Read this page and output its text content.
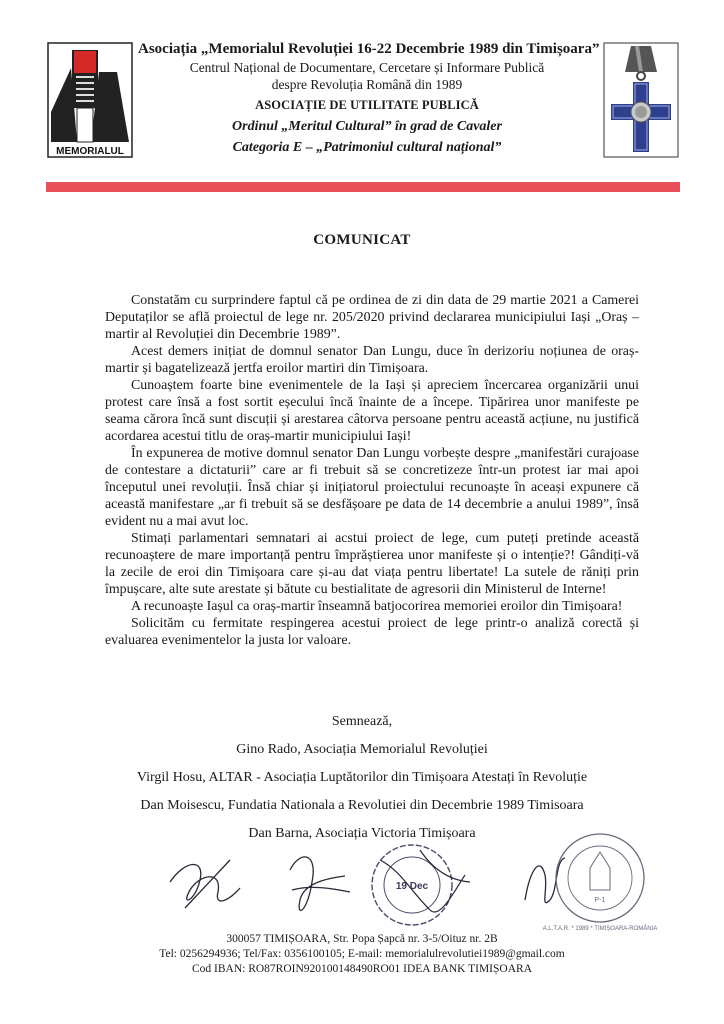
MEMORIALUL
Asociația „Memorialul Revoluției 16-22 Decembrie 1989 din Timișoara”
Centrul Național de Documentare, Cercetare și Informare Publică
despre Revoluția Română din 1989
ASOCIAȚIE DE UTILITATE PUBLICĂ
Ordinul „Meritul Cultural” în grad de Cavaler
Categoria E – „Patrimoniul cultural național”
COMUNICAT

Constatăm cu surprindere faptul că pe ordinea de zi din data de 29 martie 2021 a Camerei Deputaților se află proiectul de lege nr. 205/2020 privind declararea municipiului Iași „Oraș – martir al Revoluției din Decembrie 1989”.

Acest demers inițiat de domnul senator Dan Lungu, duce în derizoriu noțiunea de oraș-martir și bagatelizează jertfa eroilor martiri din Timișoara.

Cunoaștem foarte bine evenimentele de la Iași și apreciem încercarea organizării unui protest care însă a fost sortit eșecului încă înainte de a începe. Tipărirea unor manifeste pe seama cărora încă sunt discuții și arestarea câtorva persoane pentru această acțiune, nu justifică acordarea acestui titlu de oraș-martir municipiului Iași!

În expunerea de motive domnul senator Dan Lungu vorbește despre „manifestări curajoase de contestare a dictaturii” care ar fi trebuit să se concretizeze într-un protest iar mai apoi începutul unei revoluții. Însă chiar și inițiatorul proiectului recunoaște în aceași expunere că această manifestare „ar fi trebuit să se desfășoare pe data de 14 decembrie a anului 1989”, însă evident nu a mai avut loc.

Stimați parlamentari semnatari ai acstui proiect de lege, cum puteți pretinde această recunoaștere de mare importanță pentru împrăștierea unor manifeste și o intenție?! Gândiți-vă la zecile de eroi din Timișoara care și-au dat viața pentru libertate! La sutele de răniți prin împușcare, alte sute arestate și bătute cu bestialitate de agresorii din Ministerul de Interne!

A recunoaște Iașul ca oraș-martir înseamnă batjocorirea memoriei eroilor din Timișoara!

Solicităm cu fermitate respingerea acestui proiect de lege printr-o analiză corectă și evaluarea evenimentelor la justa lor valoare.

Semnează,
Gino Rado, Asociația Memorialul Revoluției
Virgil Hosu, ALTAR - Asociația Luptătorilor din Timișoara Atestați în Revoluție
Dan Moisescu, Fundatia Nationala a Revolutiei din Decembrie 1989 Timisoara
Dan Barna, Asociația Victoria Timișoara
19 Dec
P-1
A.L.T.A.R. * 1989 * TIMIȘOARA-ROMÂNIA
300057 TIMIȘOARA, Str. Popa Șapcă nr. 3-5/Oituz nr. 2B
Tel: 0256294936; Tel/Fax: 0356100105; E-mail: memorialulrevolutiei1989@gmail.com
Cod IBAN: RO87ROIN920100148490RO01 IDEA BANK TIMIȘOARA
